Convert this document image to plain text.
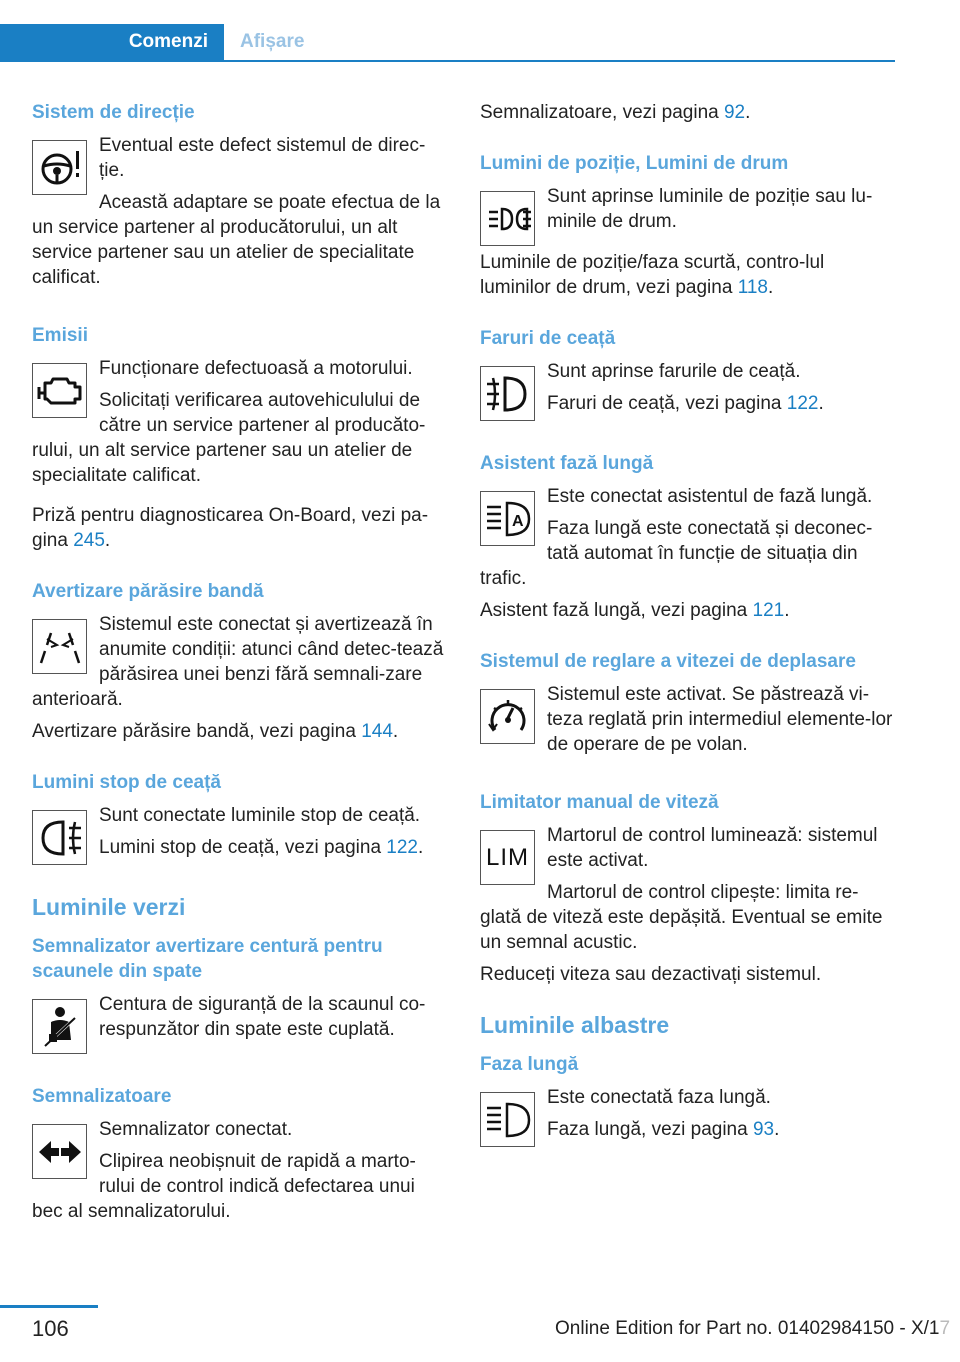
Comenzi	Afișare
Sistem de direcție

Eventual este defect sistemul de direc-ție.

Această adaptare se poate efectua de la un service partener al producătorului, un alt service partener sau un atelier de specialitate calificat.

Emisii

Funcționare defectuoasă a motorului.

Solicitați verificarea autovehiculului de către un service partener al producăto-rului, un alt service partener sau un atelier de specialitate calificat.

Priză pentru diagnosticarea On-Board, vezi pa-gina 245.

Avertizare părăsire bandă

Sistemul este conectat și avertizează în anumite condiții: atunci când detec-tează părăsirea unei benzi fără semnali-zare anterioară.

Avertizare părăsire bandă, vezi pagina 144.

Lumini stop de ceață

Sunt conectate luminile stop de ceață.

Lumini stop de ceață, vezi pagina 122.

Luminile verzi
Semnalizator avertizare centură pentru scaunele din spate

Centura de siguranță de la scaunul co-respunzător din spate este cuplată.

Semnalizatoare

Semnalizator conectat.

Clipirea neobișnuit de rapidă a marto-rului de control indică defectarea unui bec al semnalizatorului.

Semnalizatoare, vezi pagina 92.

Lumini de poziție, Lumini de drum

Sunt aprinse luminile de poziție sau lu-minile de drum.

Luminile de poziție/faza scurtă, contro-lul luminilor de drum, vezi pagina 118.

Faruri de ceață

Sunt aprinse farurile de ceață.

Faruri de ceață, vezi pagina 122.

Asistent fază lungă
A

Este conectat asistentul de fază lungă.

Faza lungă este conectată și deconec-tată automat în funcție de situația din trafic.

Asistent fază lungă, vezi pagina 121.

Sistemul de reglare a vitezei de deplasare

Sistemul este activat. Se păstrează vi-teza reglată prin intermediul elemente-lor de operare de pe volan.

Limitator manual de viteză
LIM

Martorul de control luminează: sistemul este activat.

Martorul de control clipește: limita re-glată de viteză este depășită. Eventual se emite un semnal acustic.

Reduceți viteza sau dezactivați sistemul.

Luminile albastre
Faza lungă

Este conectată faza lungă.

Faza lungă, vezi pagina 93.

106	Online Edition for Part no. 01402984150 - X/17
